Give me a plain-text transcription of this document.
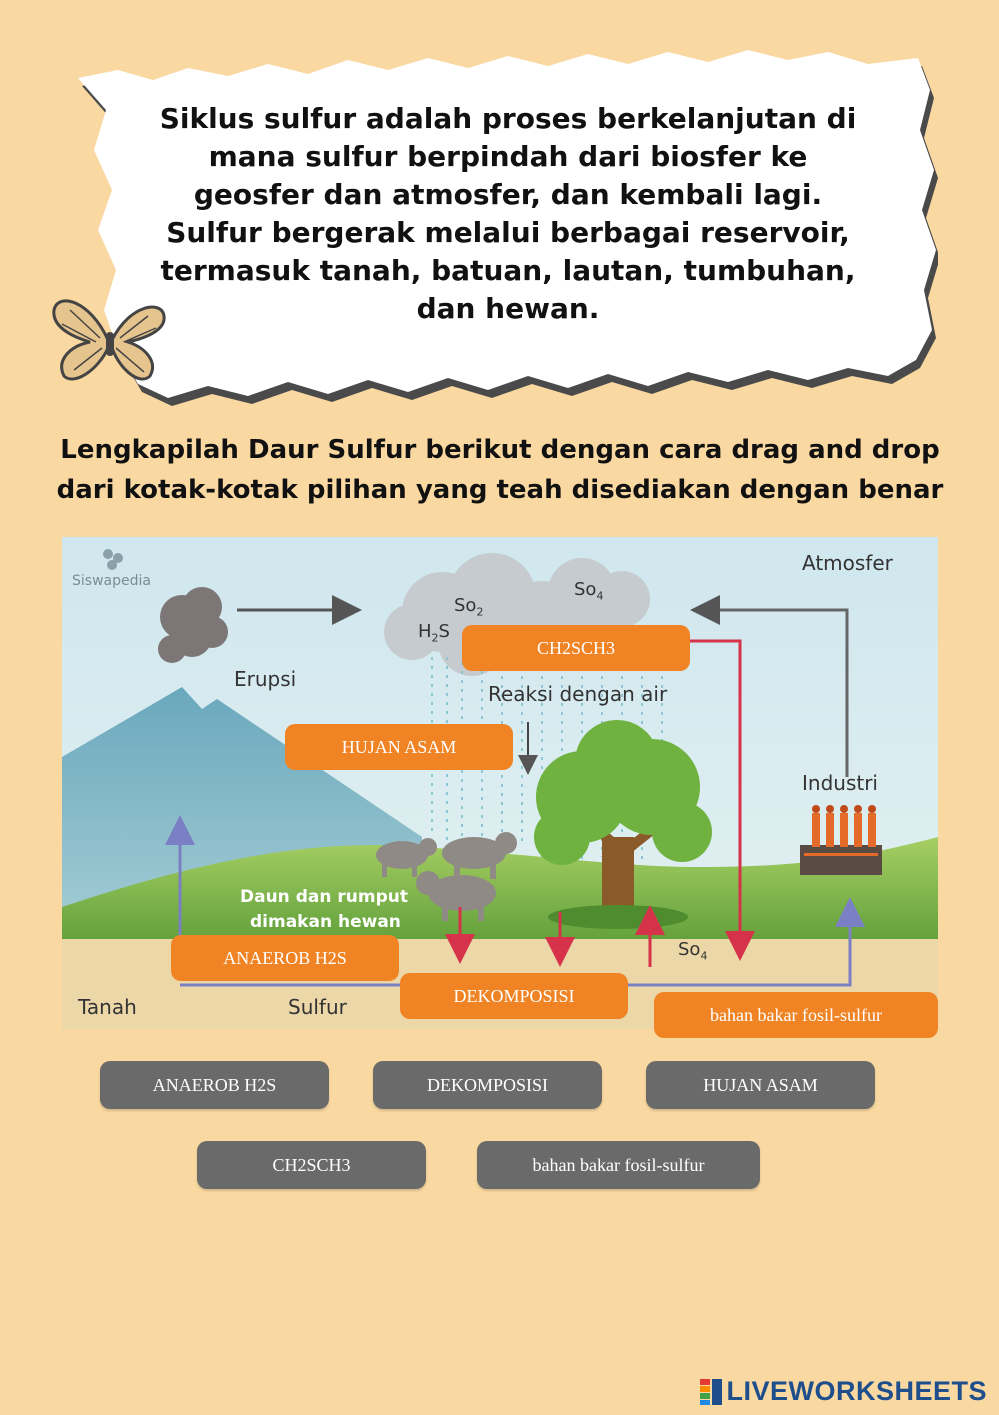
Siklus sulfur adalah proses berkelanjutan di mana sulfur berpindah dari biosfer ke geosfer dan atmosfer, dan kembali lagi. Sulfur bergerak melalui berbagai reservoir, termasuk tanah, batuan, lautan, tumbuhan, dan hewan.

Lengkapilah Daur Sulfur berikut dengan cara drag and drop dari kotak-kotak pilihan yang teah disediakan dengan benar

Siswapedia
Atmosfer
Erupsi
$So_2$
$So_4$
$H_2S$
Reaksi dengan air
Industri
Daun dan rumput
dimakan hewan
$So_4$
Tanah	Sulfur
CH2SCH3
HUJAN ASAM
ANAEROB H2S
DEKOMPOSISI
bahan bakar fosil-sulfur
ANAEROB H2S	DEKOMPOSISI	HUJAN ASAM
CH2SCH3	bahan bakar fosil-sulfur
LIVEWORKSHEETS
